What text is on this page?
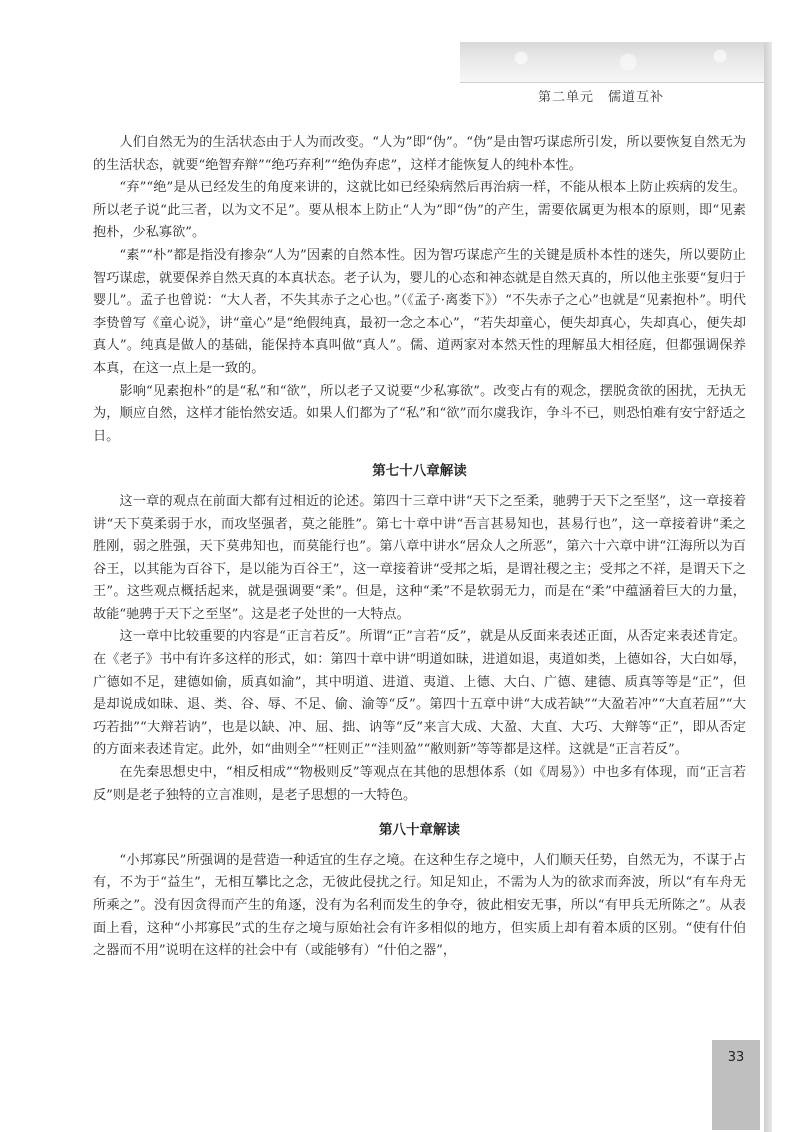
第二单元　儒道互补

人们自然无为的生活状态由于人为而改变。“人为”即“伪”。“伪”是由智巧谋虑所引发，所以要恢复自然无为的生活状态，就要“绝智弃辩”“绝巧弃利”“绝伪弃虑”，这样才能恢复人的纯朴本性。

“弃”“绝”是从已经发生的角度来讲的，这就比如已经染病然后再治病一样，不能从根本上防止疾病的发生。所以老子说“此三者，以为文不足”。要从根本上防止“人为”即“伪”的产生，需要依属更为根本的原则，即“见素抱朴，少私寡欲”。

“素”“朴”都是指没有掺杂“人为”因素的自然本性。因为智巧谋虑产生的关键是质朴本性的迷失，所以要防止智巧谋虑，就要保养自然天真的本真状态。老子认为，婴儿的心态和神态就是自然天真的，所以他主张要“复归于婴儿”。孟子也曾说：“大人者，不失其赤子之心也。”（《孟子·离娄下》）“不失赤子之心”也就是“见素抱朴”。明代李贽曾写《童心说》，讲“童心”是“绝假纯真，最初一念之本心”，“若失却童心，便失却真心，失却真心，便失却真人”。纯真是做人的基础，能保持本真叫做“真人”。儒、道两家对本然天性的理解虽大相径庭，但都强调保养本真，在这一点上是一致的。

影响“见素抱朴”的是“私”和“欲”，所以老子又说要“少私寡欲”。改变占有的观念，摆脱贪欲的困扰，无执无为，顺应自然，这样才能怡然安适。如果人们都为了“私”和“欲”而尔虞我诈，争斗不已，则恐怕难有安宁舒适之日。

第七十八章解读

这一章的观点在前面大都有过相近的论述。第四十三章中讲“天下之至柔，驰骋于天下之至坚”，这一章接着讲“天下莫柔弱于水，而攻坚强者，莫之能胜”。第七十章中讲“吾言甚易知也，甚易行也”，这一章接着讲“柔之胜刚，弱之胜强，天下莫弗知也，而莫能行也”。第八章中讲水“居众人之所恶”，第六十六章中讲“江海所以为百谷王，以其能为百谷下，是以能为百谷王”，这一章接着讲“受邦之垢，是谓社稷之主；受邦之不祥，是谓天下之王”。这些观点概括起来，就是强调要“柔”。但是，这种“柔”不是软弱无力，而是在“柔”中蕴涵着巨大的力量，故能“驰骋于天下之至坚”。这是老子处世的一大特点。

这一章中比较重要的内容是“正言若反”。所谓“正”言若“反”，就是从反面来表述正面，从否定来表述肯定。在《老子》书中有许多这样的形式，如：第四十章中讲“明道如昧，进道如退，夷道如类，上德如谷，大白如辱，广德如不足，建德如偷，质真如渝”，其中明道、进道、夷道、上德、大白、广德、建德、质真等等是“正”，但是却说成如昧、退、类、谷、辱、不足、偷、渝等“反”。第四十五章中讲“大成若缺”“大盈若冲”“大直若屈”“大巧若拙”“大辩若讷”，也是以缺、冲、屈、拙、讷等“反”来言大成、大盈、大直、大巧、大辩等“正”，即从否定的方面来表述肯定。此外，如“曲则全”“枉则正”“洼则盈”“敝则新”等等都是这样。这就是“正言若反”。

在先秦思想史中，“相反相成”“物极则反”等观点在其他的思想体系（如《周易》）中也多有体现，而“正言若反”则是老子独特的立言准则，是老子思想的一大特色。

第八十章解读

“小邦寡民”所强调的是营造一种适宜的生存之境。在这种生存之境中，人们顺天任势，自然无为，不谋于占有，不为于“益生”，无相互攀比之念，无彼此侵扰之行。知足知止，不需为人为的欲求而奔波，所以“有车舟无所乘之”。没有因贪得而产生的角逐，没有为名利而发生的争夺，彼此相安无事，所以“有甲兵无所陈之”。从表面上看，这种“小邦寡民”式的生存之境与原始社会有许多相似的地方，但实质上却有着本质的区别。“使有什伯之器而不用”说明在这样的社会中有（或能够有）“什伯之器”，

33
